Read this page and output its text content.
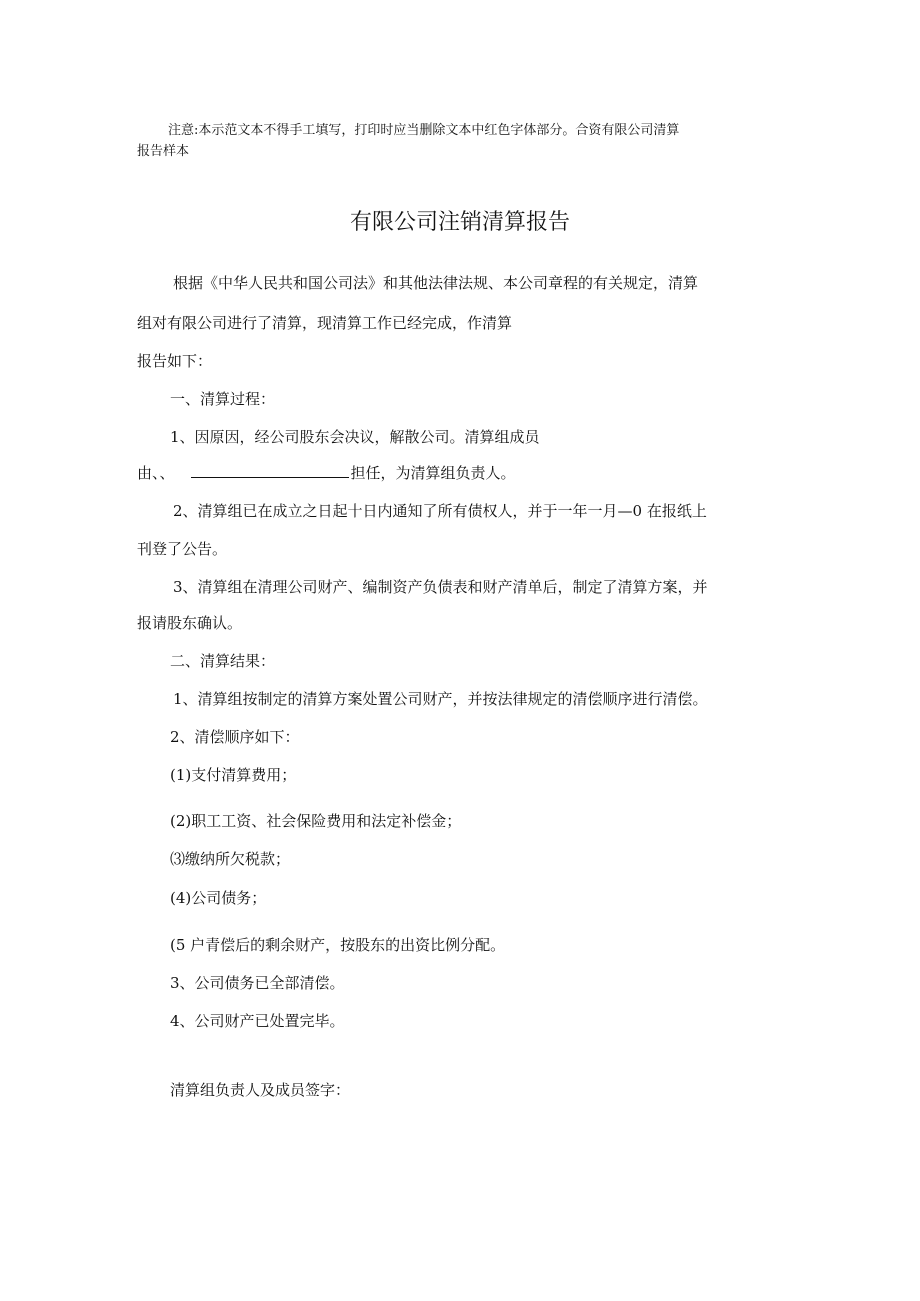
注意:本示范文本不得手工填写，打印时应当删除文本中红色字体部分。合资有限公司清算
报告样本
有限公司注销清算报告
根据《中华人民共和国公司法》和其他法律法规、本公司章程的有关规定，清算
组对有限公司进行了清算，现清算工作已经完成，作清算
报告如下：
一、清算过程：
1、因原因，经公司股东会决议，解散公司。清算组成员
由、、	担任，为清算组负责人。
2、清算组已在成立之日起十日内通知了所有债权人，并于一年一月—0 在报纸上
刊登了公告。
3、清算组在清理公司财产、编制资产负债表和财产清单后，制定了清算方案，并
报请股东确认。
二、清算结果：
1、清算组按制定的清算方案处置公司财产，并按法律规定的清偿顺序进行清偿。
2、清偿顺序如下：
(1)支付清算费用；
(2)职工工资、社会保险费用和法定补偿金；
⑶缴纳所欠税款；
(4)公司债务；
(5 户青偿后的剩余财产，按股东的出资比例分配。
3、公司债务已全部清偿。
4、公司财产已处置完毕。
清算组负责人及成员签字：
